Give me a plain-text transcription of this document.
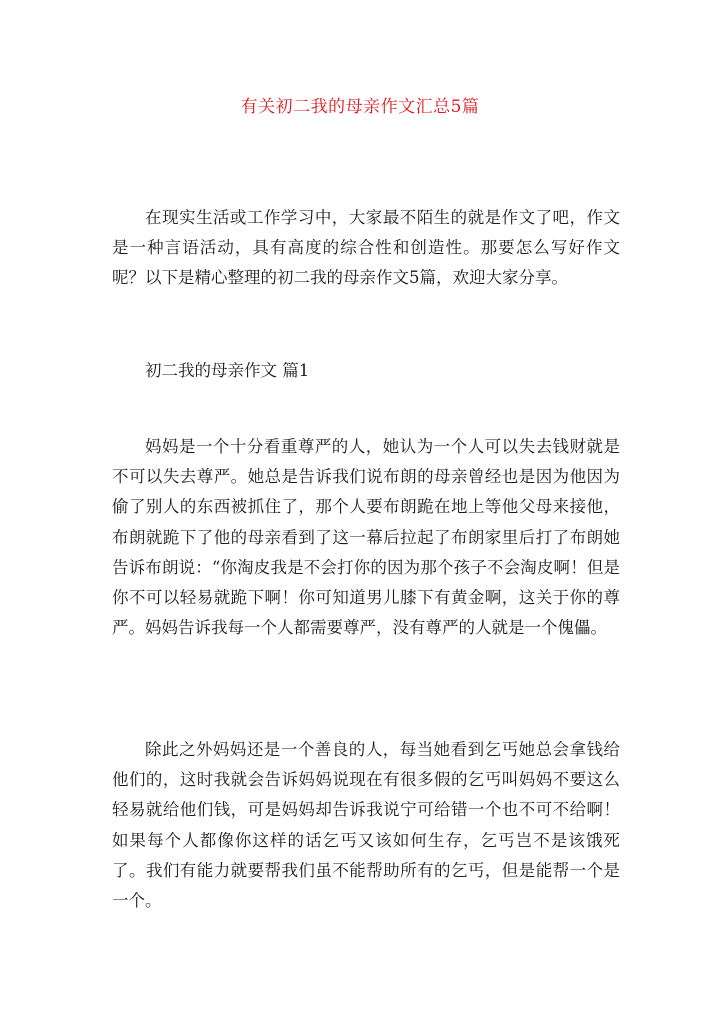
有关初二我的母亲作文汇总5篇

在现实生活或工作学习中，大家最不陌生的就是作文了吧，作文是一种言语活动，具有高度的综合性和创造性。那要怎么写好作文呢？以下是精心整理的初二我的母亲作文5篇，欢迎大家分享。

初二我的母亲作文 篇1

妈妈是一个十分看重尊严的人，她认为一个人可以失去钱财就是不可以失去尊严。她总是告诉我们说布朗的母亲曾经也是因为他因为偷了别人的东西被抓住了，那个人要布朗跪在地上等他父母来接他，布朗就跪下了他的母亲看到了这一幕后拉起了布朗家里后打了布朗她告诉布朗说：“你淘皮我是不会打你的因为那个孩子不会淘皮啊！但是你不可以轻易就跪下啊！你可知道男儿膝下有黄金啊，这关于你的尊严。妈妈告诉我每一个人都需要尊严，没有尊严的人就是一个傀儡。

除此之外妈妈还是一个善良的人，每当她看到乞丐她总会拿钱给他们的，这时我就会告诉妈妈说现在有很多假的乞丐叫妈妈不要这么轻易就给他们钱，可是妈妈却告诉我说宁可给错一个也不可不给啊！如果每个人都像你这样的话乞丐又该如何生存，乞丐岂不是该饿死了。我们有能力就要帮我们虽不能帮助所有的乞丐，但是能帮一个是一个。
